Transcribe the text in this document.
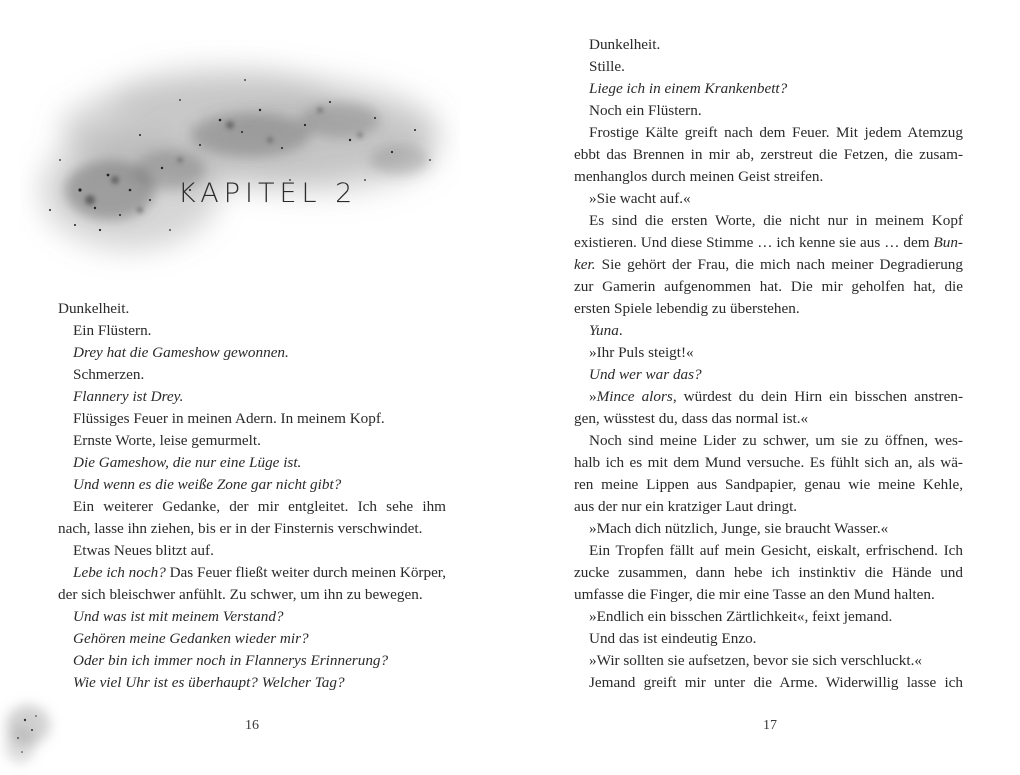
KAPITEL 2

Dunkelheit.

Ein Flüstern.

Drey hat die Gameshow gewonnen.

Schmerzen.

Flannery ist Drey.

Flüssiges Feuer in meinen Adern. In meinem Kopf.

Ernste Worte, leise gemurmelt.

Die Gameshow, die nur eine Lüge ist.

Und wenn es die weiße Zone gar nicht gibt?

Ein weiterer Gedanke, der mir entgleitet. Ich sehe ihm

nach, lasse ihn ziehen, bis er in der Finsternis verschwindet.

Etwas Neues blitzt auf.

Lebe ich noch? Das Feuer fließt weiter durch meinen Körper,

der sich bleischwer anfühlt. Zu schwer, um ihn zu bewegen.

Und was ist mit meinem Verstand?

Gehören meine Gedanken wieder mir?

Oder bin ich immer noch in Flannerys Erinnerung?

Wie viel Uhr ist es überhaupt? Welcher Tag?

16	17

Dunkelheit.

Stille.

Liege ich in einem Krankenbett?

Noch ein Flüstern.

Frostige Kälte greift nach dem Feuer. Mit jedem Atemzug

ebbt das Brennen in mir ab, zerstreut die Fetzen, die zusam-

menhanglos durch meinen Geist streifen.

»Sie wacht auf.«

Es sind die ersten Worte, die nicht nur in meinem Kopf

existieren. Und diese Stimme … ich kenne sie aus … dem Bun-

ker. Sie gehört der Frau, die mich nach meiner Degradierung

zur Gamerin aufgenommen hat. Die mir geholfen hat, die

ersten Spiele lebendig zu überstehen.

Yuna.

»Ihr Puls steigt!«

Und wer war das?

»Mince alors, würdest du dein Hirn ein bisschen anstren-

gen, wüsstest du, dass das normal ist.«

Noch sind meine Lider zu schwer, um sie zu öffnen, wes-

halb ich es mit dem Mund versuche. Es fühlt sich an, als wä-

ren meine Lippen aus Sandpapier, genau wie meine Kehle,

aus der nur ein kratziger Laut dringt.

»Mach dich nützlich, Junge, sie braucht Wasser.«

Ein Tropfen fällt auf mein Gesicht, eiskalt, erfrischend. Ich

zucke zusammen, dann hebe ich instinktiv die Hände und

umfasse die Finger, die mir eine Tasse an den Mund halten.

»Endlich ein bisschen Zärtlichkeit«, feixt jemand.

Und das ist eindeutig Enzo.

»Wir sollten sie aufsetzen, bevor sie sich verschluckt.«

Jemand greift mir unter die Arme. Widerwillig lasse ich
